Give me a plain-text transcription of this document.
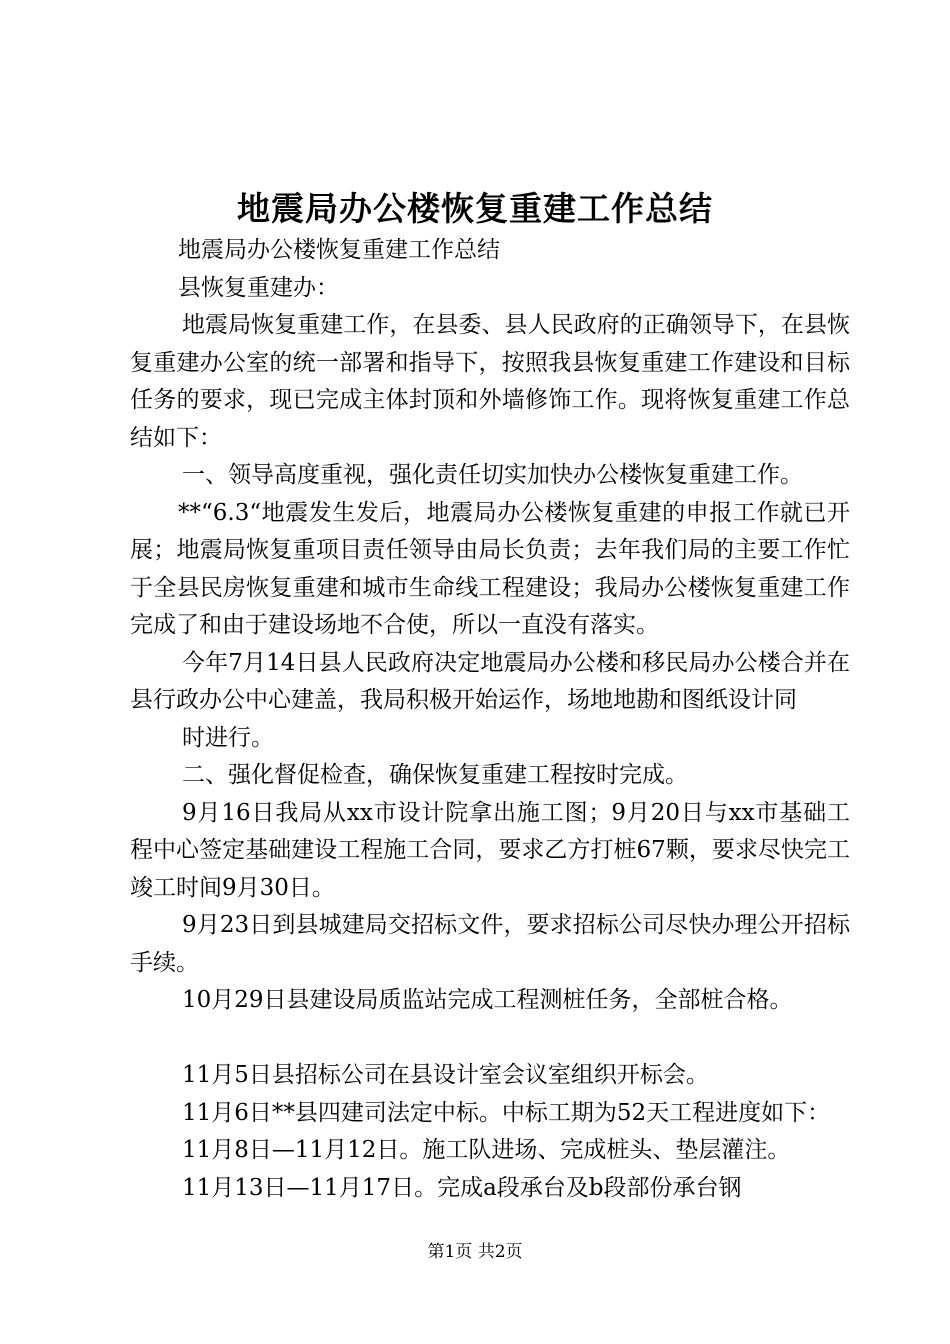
地震局办公楼恢复重建工作总结

地震局办公楼恢复重建工作总结

县恢复重建办：

地震局恢复重建工作，在县委、县人民政府的正确领导下，在县恢复重建办公室的统一部署和指导下，按照我县恢复重建工作建设和目标任务的要求，现已完成主体封顶和外墙修饰工作。现将恢复重建工作总结如下：

一、领导高度重视，强化责任切实加快办公楼恢复重建工作。

**“6.3“地震发生发后，地震局办公楼恢复重建的申报工作就已开展；地震局恢复重项目责任领导由局长负责；去年我们局的主要工作忙于全县民房恢复重建和城市生命线工程建设；我局办公楼恢复重建工作完成了和由于建设场地不合使，所以一直没有落实。

今年7月14日县人民政府决定地震局办公楼和移民局办公楼合并在县行政办公中心建盖，我局积极开始运作，场地地勘和图纸设计同

时进行。

二、强化督促检查，确保恢复重建工程按时完成。

9月16日我局从xx市设计院拿出施工图；9月20日与xx市基础工程中心签定基础建设工程施工合同，要求乙方打桩67颗，要求尽快完工竣工时间9月30日。

9月23日到县城建局交招标文件，要求招标公司尽快办理公开招标手续。

10月29日县建设局质监站完成工程测桩任务，全部桩合格。

11月5日县招标公司在县设计室会议室组织开标会。

11月6日**县四建司法定中标。中标工期为52天工程进度如下：

11月8日—11月12日。施工队进场、完成桩头、垫层灌注。

11月13日—11月17日。完成a段承台及b段部份承台钢

第1页 共2页
